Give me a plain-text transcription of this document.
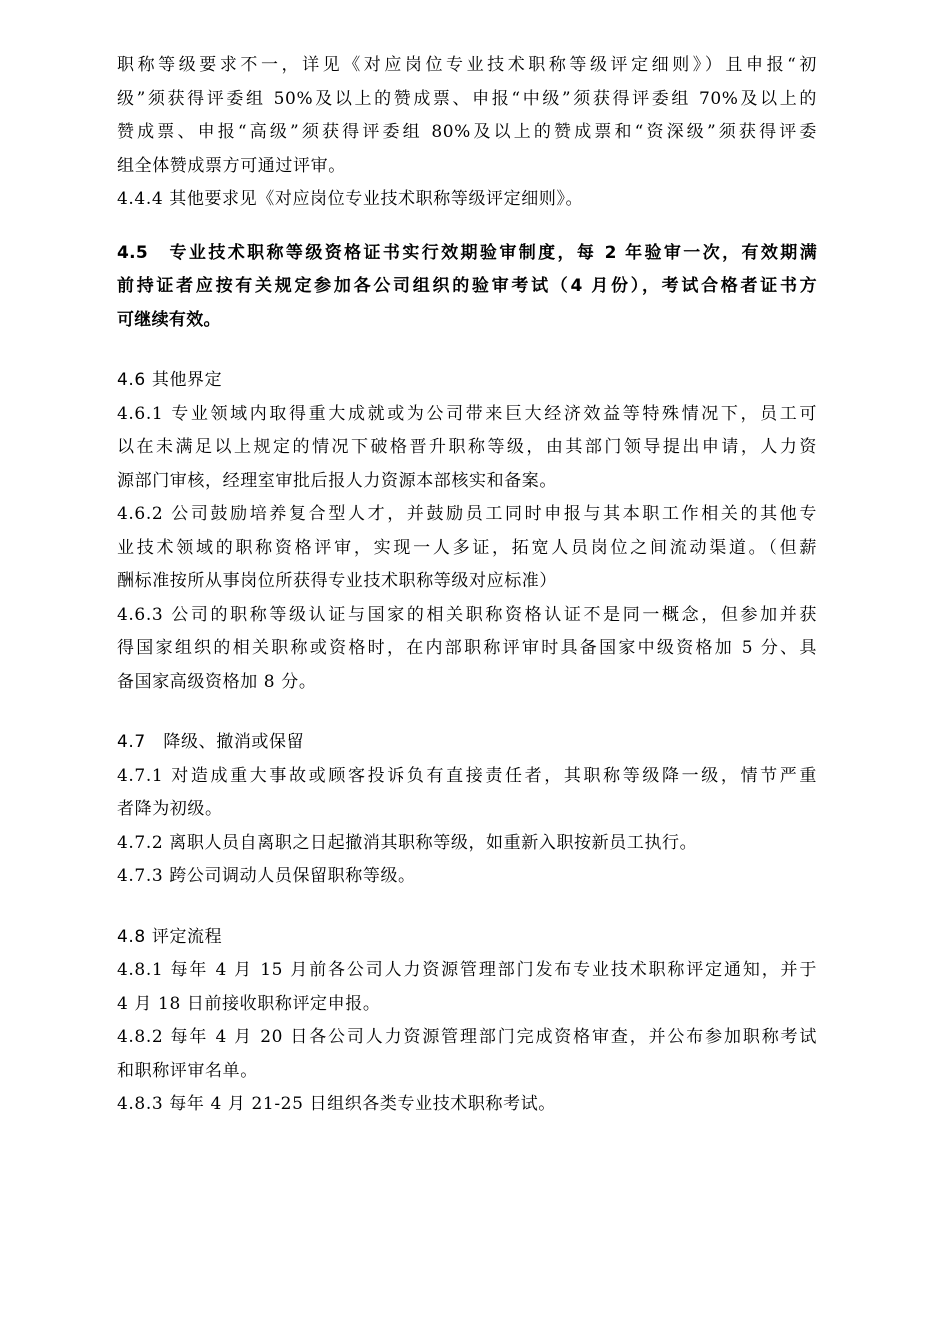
职称等级要求不一，详见《对应岗位专业技术职称等级评定细则》）且申报“初
级”须获得评委组 50%及以上的赞成票、申报“中级”须获得评委组 70%及以上的
赞成票、申报“高级”须获得评委组 80%及以上的赞成票和“资深级”须获得评委
组全体赞成票方可通过评审。
4.4.4 其他要求见《对应岗位专业技术职称等级评定细则》。
4.5　专业技术职称等级资格证书实行效期验审制度，每 2 年验审一次，有效期满
前持证者应按有关规定参加各公司组织的验审考试（4 月份），考试合格者证书方
可继续有效。
4.6 其他界定
4.6.1 专业领域内取得重大成就或为公司带来巨大经济效益等特殊情况下，员工可
以在未满足以上规定的情况下破格晋升职称等级，由其部门领导提出申请，人力资
源部门审核，经理室审批后报人力资源本部核实和备案。
4.6.2 公司鼓励培养复合型人才，并鼓励员工同时申报与其本职工作相关的其他专
业技术领域的职称资格评审，实现一人多证，拓宽人员岗位之间流动渠道。（但薪
酬标准按所从事岗位所获得专业技术职称等级对应标准）
4.6.3 公司的职称等级认证与国家的相关职称资格认证不是同一概念，但参加并获
得国家组织的相关职称或资格时，在内部职称评审时具备国家中级资格加 5 分、具
备国家高级资格加 8 分。
4.7　降级、撤消或保留
4.7.1 对造成重大事故或顾客投诉负有直接责任者，其职称等级降一级，情节严重
者降为初级。
4.7.2 离职人员自离职之日起撤消其职称等级，如重新入职按新员工执行。
4.7.3 跨公司调动人员保留职称等级。
4.8 评定流程
4.8.1 每年 4 月 15 月前各公司人力资源管理部门发布专业技术职称评定通知，并于
4 月 18 日前接收职称评定申报。
4.8.2 每年 4 月 20 日各公司人力资源管理部门完成资格审查，并公布参加职称考试
和职称评审名单。
4.8.3 每年 4 月 21-25 日组织各类专业技术职称考试。
